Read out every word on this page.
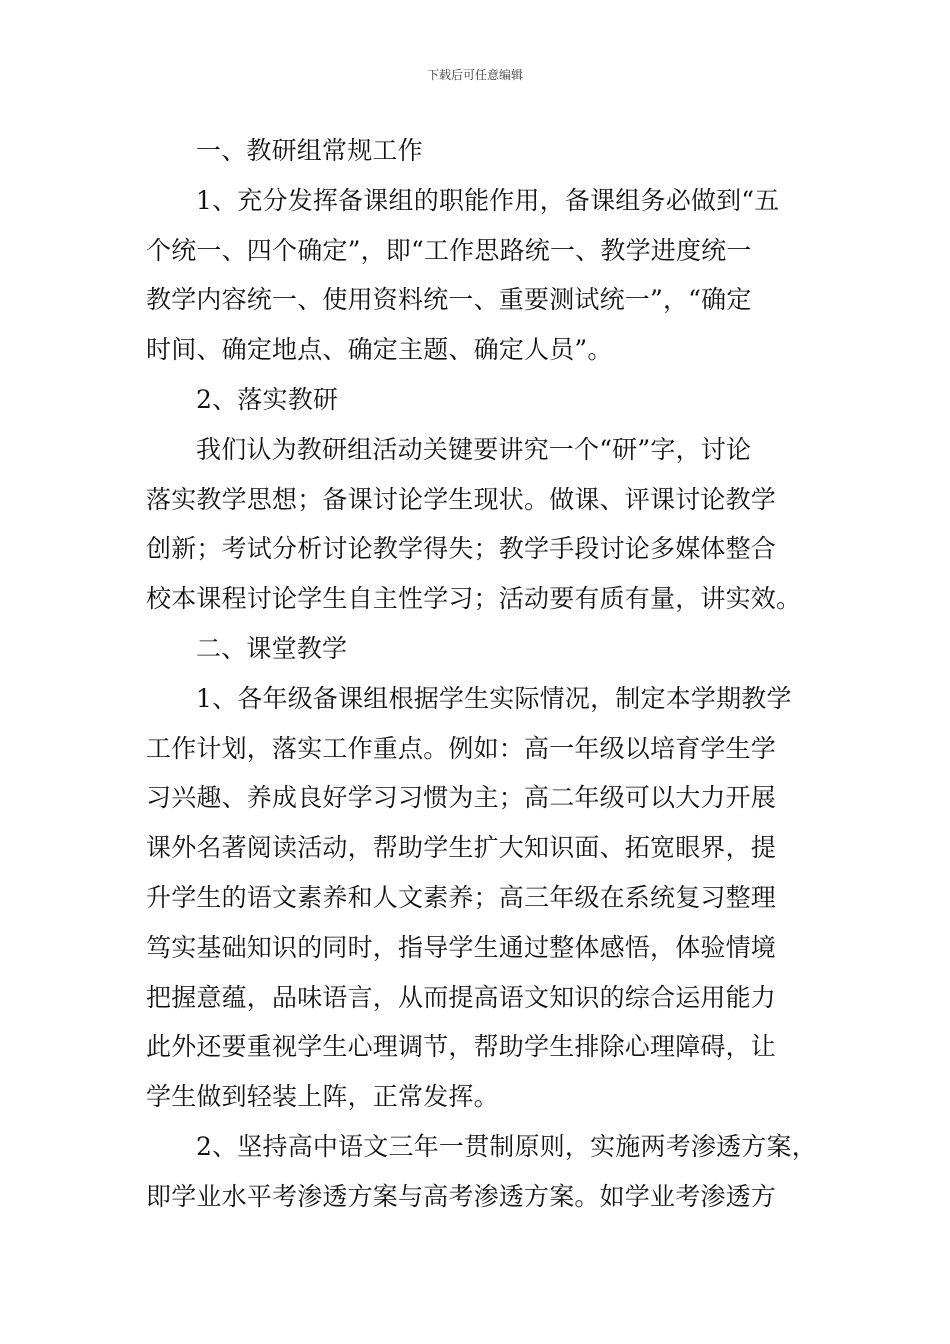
下载后可任意编辑
一、教研组常规工作
1、充分发挥备课组的职能作用，备课组务必做到“五
个统一、四个确定”，即“工作思路统一、教学进度统一
教学内容统一、使用资料统一、重要测试统一”，“确定
时间、确定地点、确定主题、确定人员”。
2、落实教研
我们认为教研组活动关键要讲究一个“研”字，讨论
落实教学思想；备课讨论学生现状。做课、评课讨论教学
创新；考试分析讨论教学得失；教学手段讨论多媒体整合
校本课程讨论学生自主性学习；活动要有质有量，讲实效。
二、课堂教学
1、各年级备课组根据学生实际情况，制定本学期教学
工作计划，落实工作重点。例如：高一年级以培育学生学
习兴趣、养成良好学习习惯为主；高二年级可以大力开展
课外名著阅读活动，帮助学生扩大知识面、拓宽眼界，提
升学生的语文素养和人文素养；高三年级在系统复习整理
笃实基础知识的同时，指导学生通过整体感悟，体验情境
把握意蕴，品味语言，从而提高语文知识的综合运用能力
此外还要重视学生心理调节，帮助学生排除心理障碍，让
学生做到轻装上阵，正常发挥。
2、坚持高中语文三年一贯制原则，实施两考渗透方案，
即学业水平考渗透方案与高考渗透方案。如学业考渗透方
